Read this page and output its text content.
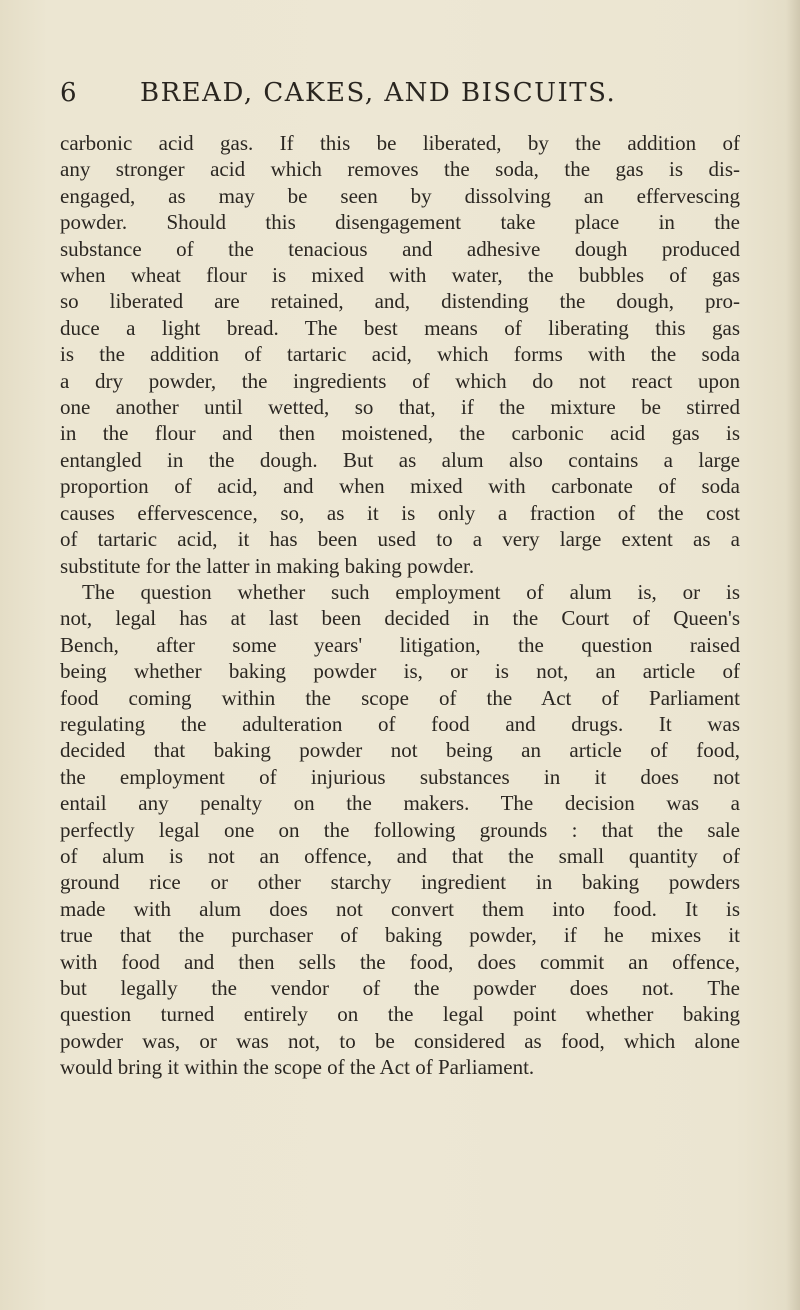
6 BREAD, CAKES, AND BISCUITS.
carbonic acid gas. If this be liberated, by the addition of
any stronger acid which removes the soda, the gas is dis-
engaged, as may be seen by dissolving an effervescing
powder. Should this disengagement take place in the
substance of the tenacious and adhesive dough produced
when wheat flour is mixed with water, the bubbles of gas
so liberated are retained, and, distending the dough, pro-
duce a light bread. The best means of liberating this gas
is the addition of tartaric acid, which forms with the soda
a dry powder, the ingredients of which do not react upon
one another until wetted, so that, if the mixture be stirred
in the flour and then moistened, the carbonic acid gas is
entangled in the dough. But as alum also contains a large
proportion of acid, and when mixed with carbonate of soda
causes effervescence, so, as it is only a fraction of the cost
of tartaric acid, it has been used to a very large extent as a
substitute for the latter in making baking powder.
The question whether such employment of alum is, or is
not, legal has at last been decided in the Court of Queen's
Bench, after some years' litigation, the question raised
being whether baking powder is, or is not, an article of
food coming within the scope of the Act of Parliament
regulating the adulteration of food and drugs. It was
decided that baking powder not being an article of food,
the employment of injurious substances in it does not
entail any penalty on the makers. The decision was a
perfectly legal one on the following grounds : that the sale
of alum is not an offence, and that the small quantity of
ground rice or other starchy ingredient in baking powders
made with alum does not convert them into food. It is
true that the purchaser of baking powder, if he mixes it
with food and then sells the food, does commit an offence,
but legally the vendor of the powder does not. The
question turned entirely on the legal point whether baking
powder was, or was not, to be considered as food, which alone
would bring it within the scope of the Act of Parliament.
